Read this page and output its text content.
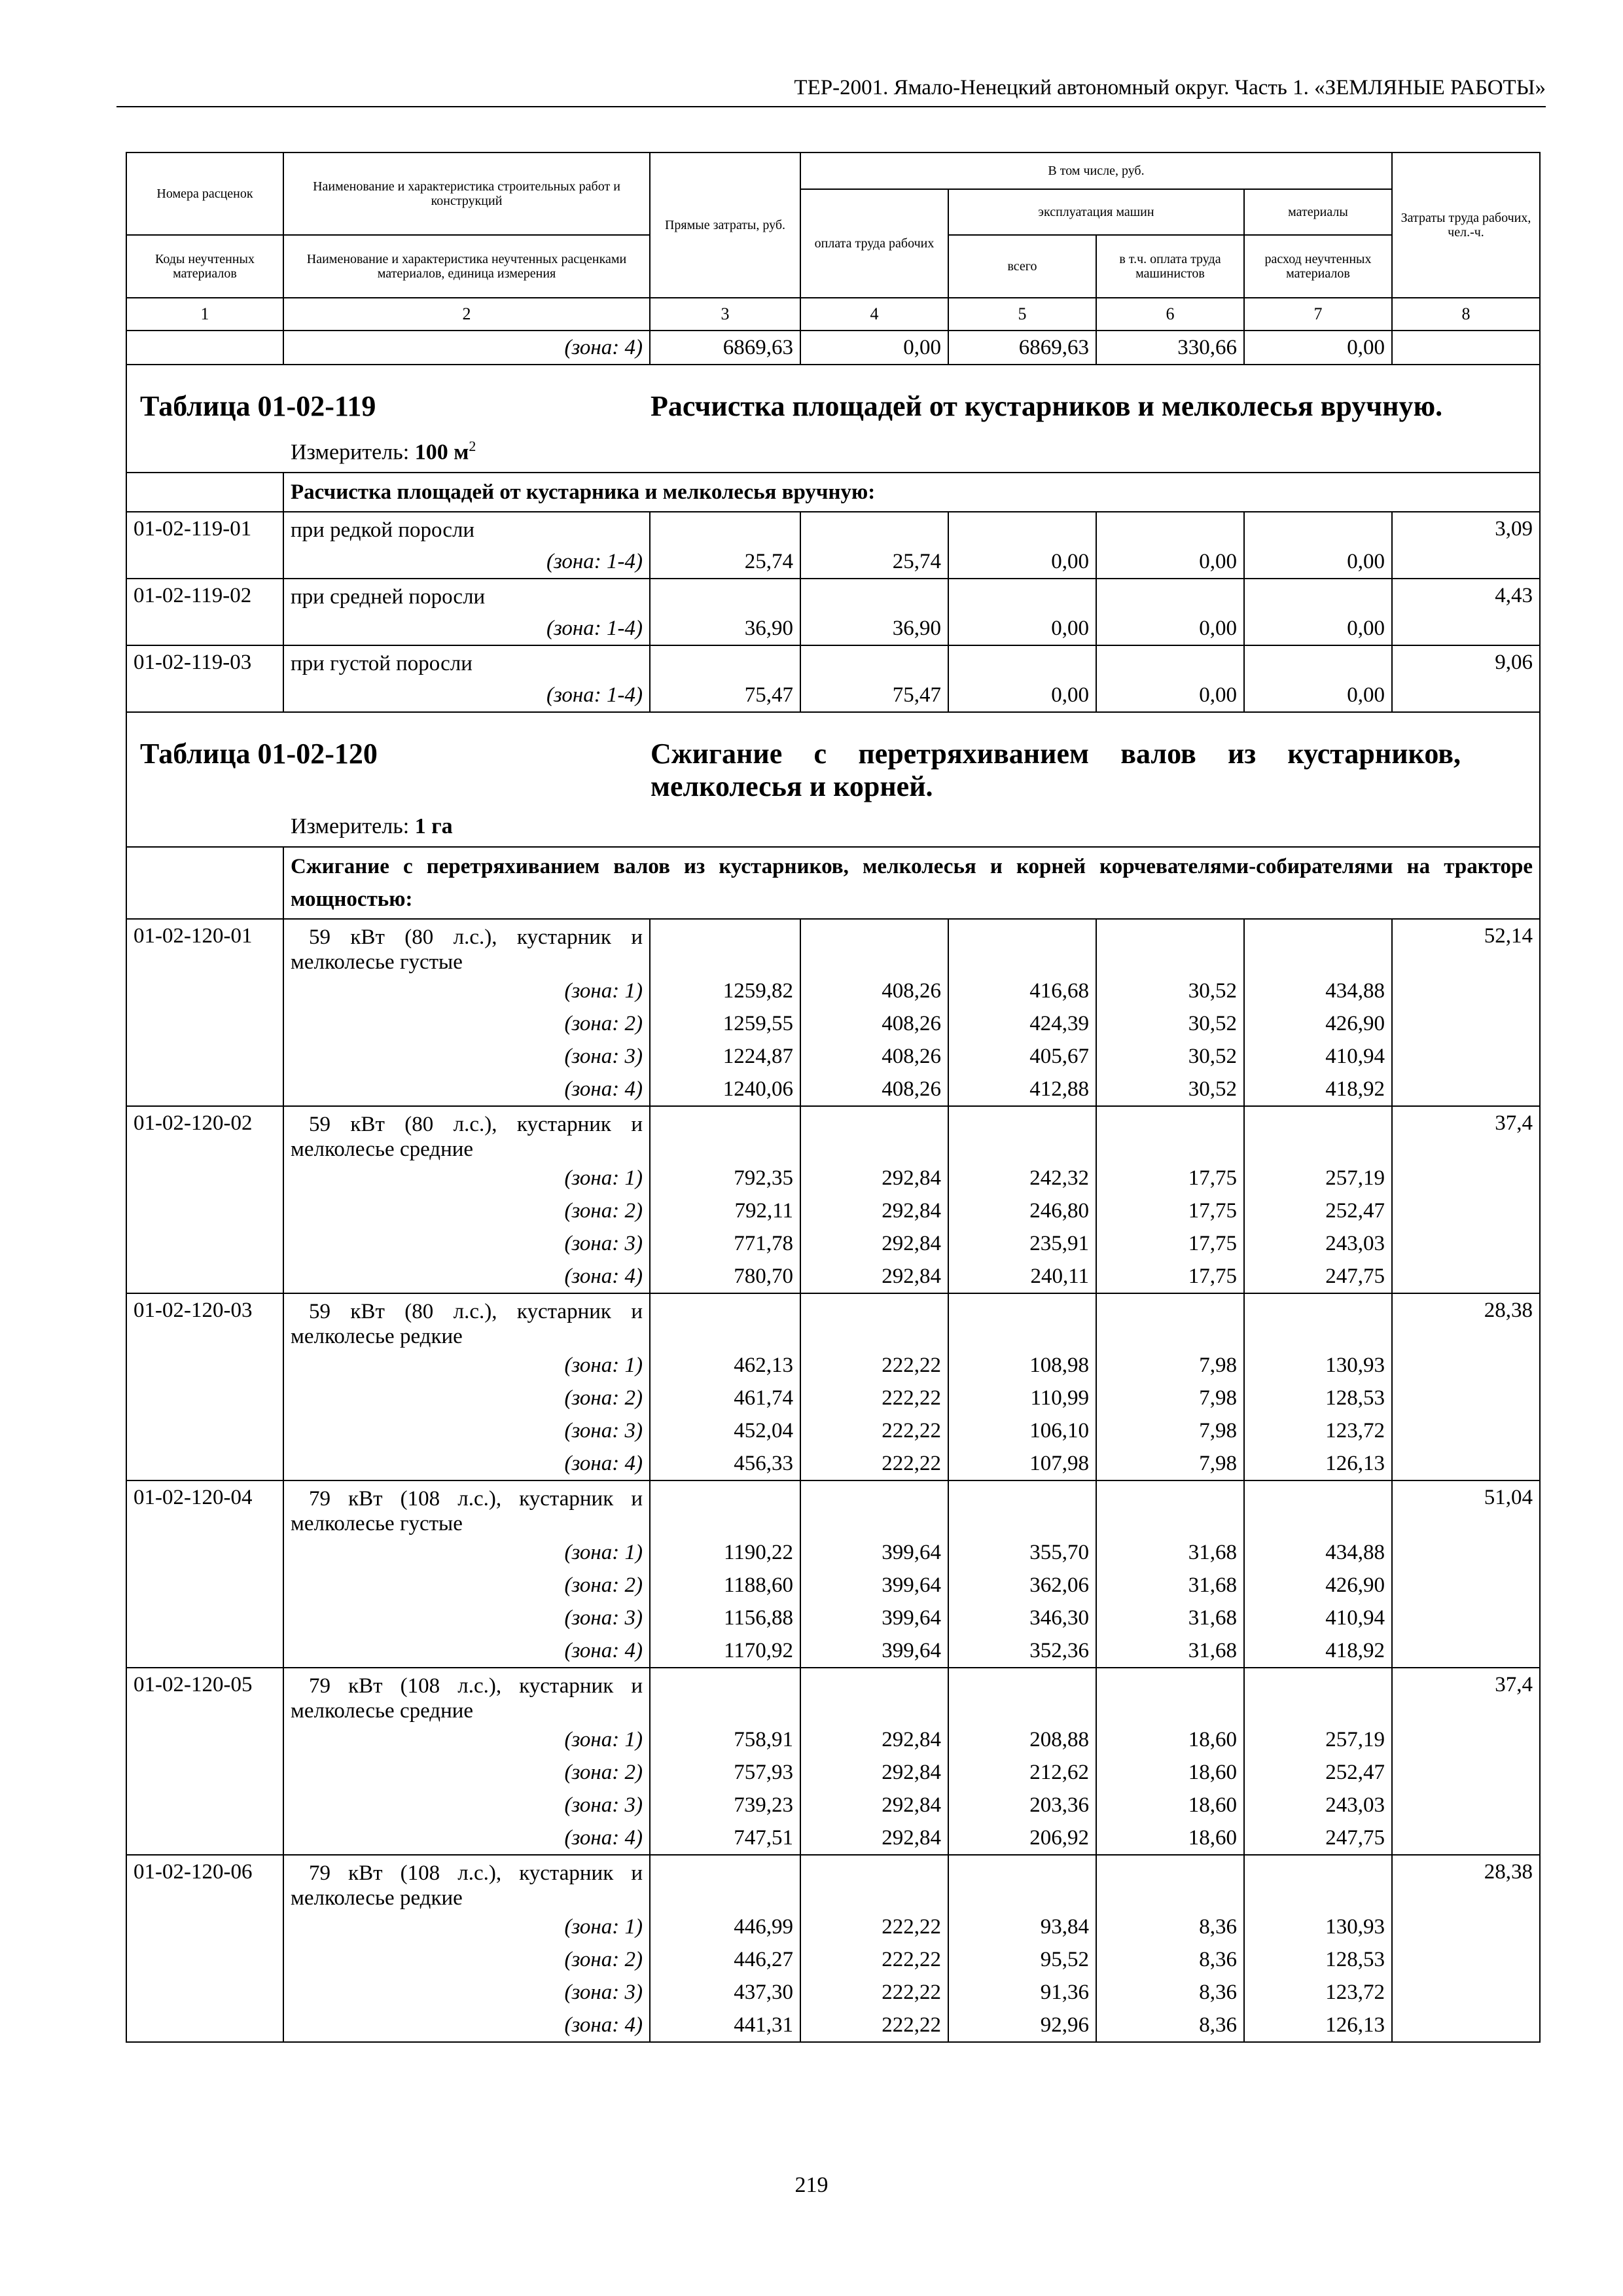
ТЕР-2001. Ямало-Ненецкий автономный округ. Часть 1. «ЗЕМЛЯНЫЕ РАБОТЫ»
Номера расценок	Наименование и характеристика строительных работ и конструкций	Прямые затраты, руб.	В том числе, руб.				Затраты труда рабочих, чел.-ч.
			оплата труда рабочих	эксплуатация машин		материалы	
Коды неучтенных материалов	Наименование и характеристика неучтенных расценками материалов, единица измерения			всего	в т.ч. оплата труда машинистов	расход неучтенных материалов	
1	2	3	4	5	6	7	8
	(зона: 4)	6869,63	0,00	6869,63	330,66	0,00	

Таблица 01-02-119 Расчистка площадей от кустарников и мелколесья вручную.
Измеритель: 100 $м^2$

	Расчистка площадей от кустарника и мелколесья вручную:						
01-02-119-01	при редкой поросли						3,09
	(зона: 1-4)	25,74	25,74	0,00	0,00	0,00	
01-02-119-02	при средней поросли						4,43
	(зона: 1-4)	36,90	36,90	0,00	0,00	0,00	
01-02-119-03	при густой поросли						9,06
	(зона: 1-4)	75,47	75,47	0,00	0,00	0,00	

Таблица 01-02-120 Сжигание с перетряхиванием валов из кустарников, мелколесья и корней.
Измеритель: 1 га							

	Сжигание с перетряхиванием валов из кустарников, мелколесья и корней корчевателями-собирателями на тракторе мощностью:						
01-02-120-01	59 кВт (80 л.с.), кустарник и мелколесье густые						52,14
	(зона: 1)	1259,82	408,26	416,68	30,52	434,88	
	(зона: 2)	1259,55	408,26	424,39	30,52	426,90	
	(зона: 3)	1224,87	408,26	405,67	30,52	410,94	
	(зона: 4)	1240,06	408,26	412,88	30,52	418,92	
01-02-120-02	59 кВт (80 л.с.), кустарник и мелколесье средние						37,4
	(зона: 1)	792,35	292,84	242,32	17,75	257,19	
	(зона: 2)	792,11	292,84	246,80	17,75	252,47	
	(зона: 3)	771,78	292,84	235,91	17,75	243,03	
	(зона: 4)	780,70	292,84	240,11	17,75	247,75	
01-02-120-03	59 кВт (80 л.с.), кустарник и мелколесье редкие						28,38
	(зона: 1)	462,13	222,22	108,98	7,98	130,93	
	(зона: 2)	461,74	222,22	110,99	7,98	128,53	
	(зона: 3)	452,04	222,22	106,10	7,98	123,72	
	(зона: 4)	456,33	222,22	107,98	7,98	126,13	
01-02-120-04	79 кВт (108 л.с.), кустарник и мелколесье густые						51,04
	(зона: 1)	1190,22	399,64	355,70	31,68	434,88	
	(зона: 2)	1188,60	399,64	362,06	31,68	426,90	
	(зона: 3)	1156,88	399,64	346,30	31,68	410,94	
	(зона: 4)	1170,92	399,64	352,36	31,68	418,92	
01-02-120-05	79 кВт (108 л.с.), кустарник и мелколесье средние						37,4
	(зона: 1)	758,91	292,84	208,88	18,60	257,19	
	(зона: 2)	757,93	292,84	212,62	18,60	252,47	
	(зона: 3)	739,23	292,84	203,36	18,60	243,03	
	(зона: 4)	747,51	292,84	206,92	18,60	247,75	
01-02-120-06	79 кВт (108 л.с.), кустарник и мелколесье редкие						28,38
	(зона: 1)	446,99	222,22	93,84	8,36	130,93	
	(зона: 2)	446,27	222,22	95,52	8,36	128,53	
	(зона: 3)	437,30	222,22	91,36	8,36	123,72	
	(зона: 4)	441,31	222,22	92,96	8,36	126,13	
219
